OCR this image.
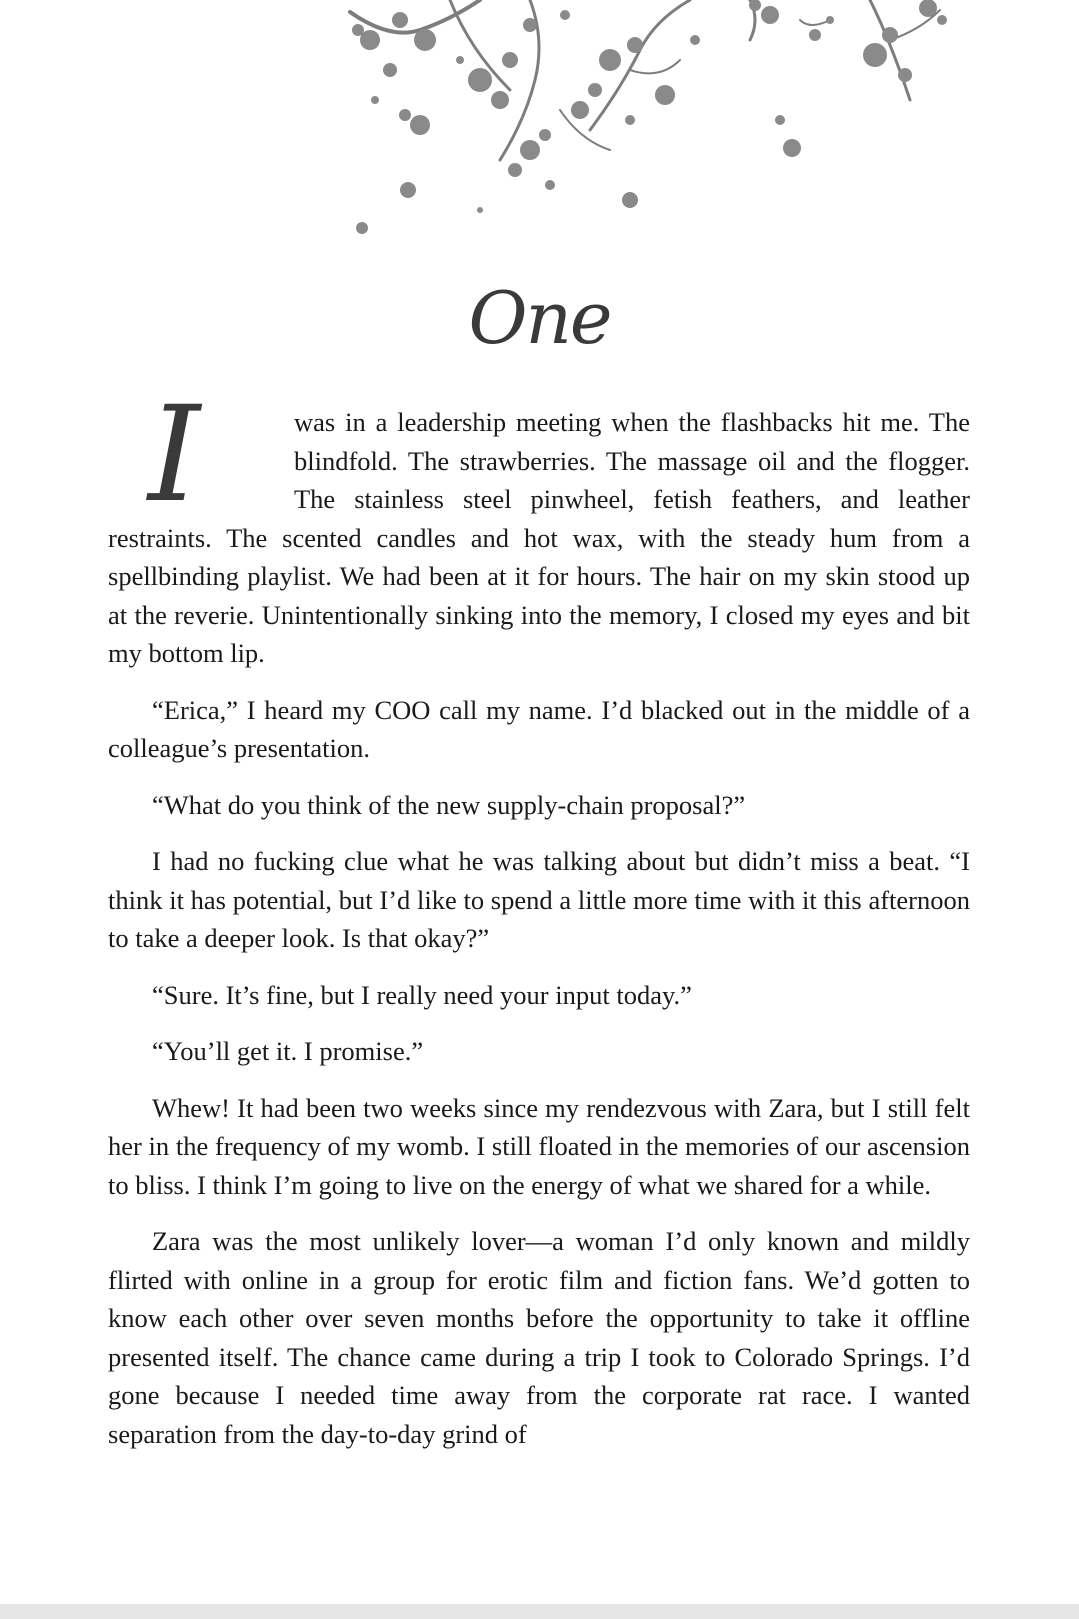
One

I	was in a leadership meeting when the flashbacks hit me. The blindfold. The strawberries. The massage oil and the flogger. The stainless steel pinwheel, fetish feathers, and leather restraints. The scented candles and hot wax, with the steady hum from a spellbinding playlist. We had been at it for hours. The hair on my skin stood up at the reverie. Unintentionally sinking into the memory, I closed my eyes and bit my bottom lip.

“Erica,” I heard my COO call my name. I’d blacked out in the middle of a colleague’s presentation.

“What do you think of the new supply-chain proposal?”

I had no fucking clue what he was talking about but didn’t miss a beat. “I think it has potential, but I’d like to spend a little more time with it this afternoon to take a deeper look. Is that okay?”

“Sure. It’s fine, but I really need your input today.”

“You’ll get it. I promise.”

Whew! It had been two weeks since my rendezvous with Zara, but I still felt her in the frequency of my womb. I still floated in the memories of our ascension to bliss. I think I’m going to live on the energy of what we shared for a while.

Zara was the most unlikely lover—a woman I’d only known and mildly flirted with online in a group for erotic film and fiction fans. We’d gotten to know each other over seven months before the opportunity to take it offline presented itself. The chance came during a trip I took to Colorado Springs. I’d gone because I needed time away from the corporate rat race. I wanted separation from the day-to-day grind of
